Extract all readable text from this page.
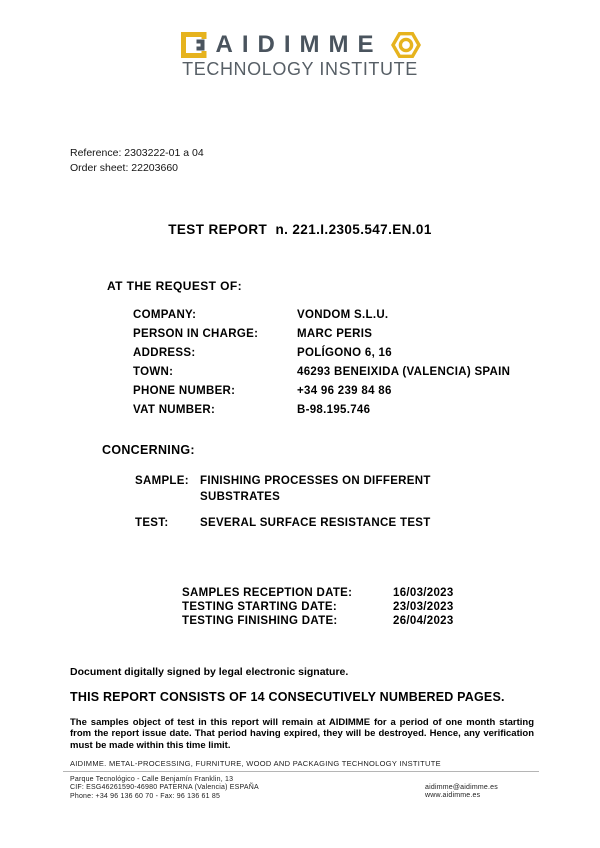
AIDIMME
TECHNOLOGY INSTITUTE
Reference: 2303222-01 a 04
Order sheet: 22203660
TEST REPORT  n. 221.I.2305.547.EN.01
AT THE REQUEST OF:
COMPANY:	VONDOM S.L.U.
PERSON IN CHARGE:	MARC PERIS
ADDRESS:	POLÍGONO 6, 16
TOWN:	46293 BENEIXIDA (VALENCIA) SPAIN
PHONE NUMBER:	+34 96 239 84 86
VAT NUMBER:	B-98.195.746
CONCERNING:
SAMPLE: FINISHING PROCESSES ON DIFFERENT SUBSTRATES
TEST:	SEVERAL SURFACE RESISTANCE TEST
SAMPLES RECEPTION DATE:	16/03/2023
TESTING STARTING DATE:	23/03/2023
TESTING FINISHING DATE:	26/04/2023
Document digitally signed by legal electronic signature.
THIS REPORT CONSISTS OF 14 CONSECUTIVELY NUMBERED PAGES.
The samples object of test in this report will remain at AIDIMME for a period of one month starting from the report issue date. That period having expired, they will be destroyed. Hence, any verification must be made within this time limit.
AIDIMME. METAL-PROCESSING, FURNITURE, WOOD AND PACKAGING TECHNOLOGY INSTITUTE
Parque Tecnológico - Calle Benjamín Franklin, 13
CIF: ESG46261590-46980 PATERNA (Valencia) ESPAÑA
Phone: +34 96 136 60 70 - Fax: 96 136 61 85
aidimme@aidimme.es
www.aidimme.es
